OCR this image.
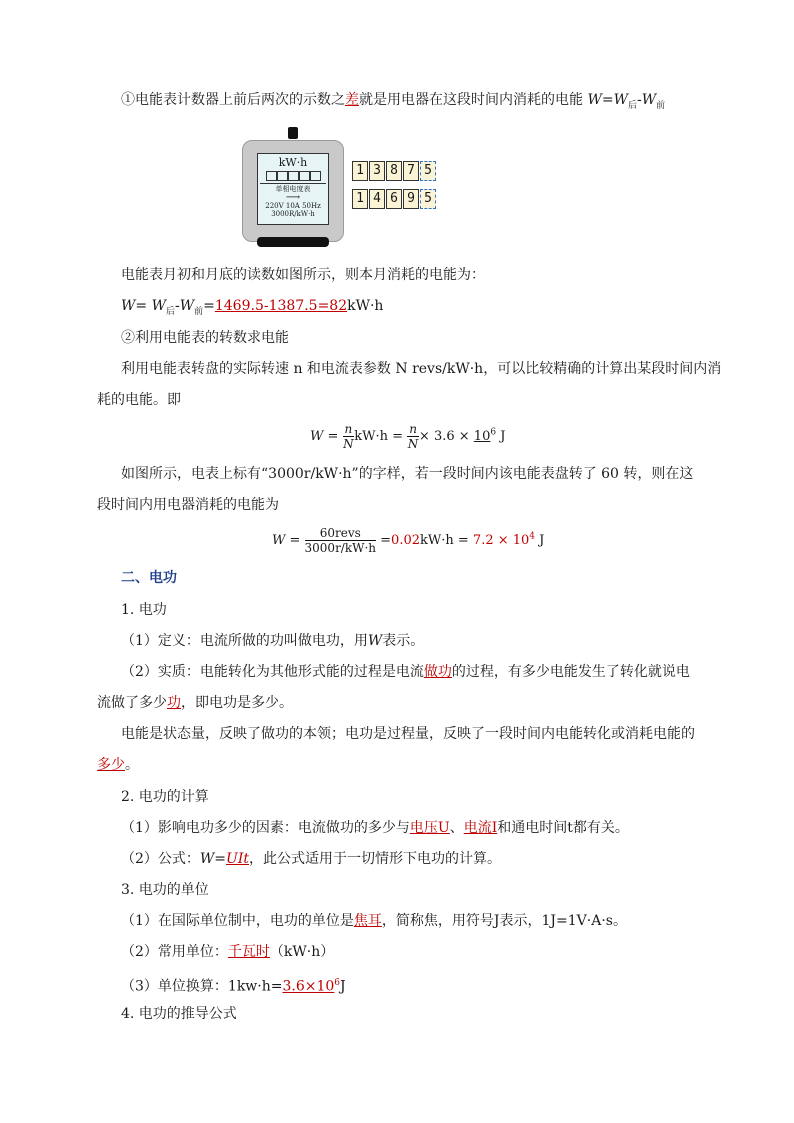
①电能表计数器上前后两次的示数之差就是用电器在这段时间内消耗的电能 $W=W_后-W_前$
kW·h
单相电度表
⟶
220V 10A 50Hz
3000R/kW·h
1 3 8 7 5
1 4 6 9 5
电能表月初和月底的读数如图所示，则本月消耗的电能为：
$W= W_后-W_前=1469.5-1387.5=82kW\cdot h$
②利用电能表的转数求电能
利用电能表转盘的实际转速 n 和电流表参数 N revs/kW·h，可以比较精确的计算出某段时间内消
耗的电能。即
$W = \frac{n}{N} kW\cdot h = \frac{n}{N} \times 3.6 \times 10^6$ J
如图所示，电表上标有“3000r/kW·h”的字样，若一段时间内该电能表盘转了 60 转，则在这
段时间内用电器消耗的电能为
$W = \frac{\text{60revs}}{3000r/kW\cdot h} =0.02kW\cdot h = 7.2 \times 10^4$ J
二、电功
1. 电功
（1）定义：电流所做的功叫做电功，用W表示。
（2）实质：电能转化为其他形式能的过程是电流做功的过程，有多少电能发生了转化就说电
流做了多少功，即电功是多少。
电能是状态量，反映了做功的本领；电功是过程量，反映了一段时间内电能转化或消耗电能的
多少。
2. 电功的计算
（1）影响电功多少的因素：电流做功的多少与电压U、电流I和通电时间t都有关。
（2）公式：W=UIt，此公式适用于一切情形下电功的计算。
3. 电功的单位
（1）在国际单位制中，电功的单位是焦耳，简称焦，用符号J表示，1J=1V·A·s。
（2）常用单位：千瓦时（kW·h）
（3）单位换算：$1kw\cdot h=3.6\times 10^6J$
4. 电功的推导公式
